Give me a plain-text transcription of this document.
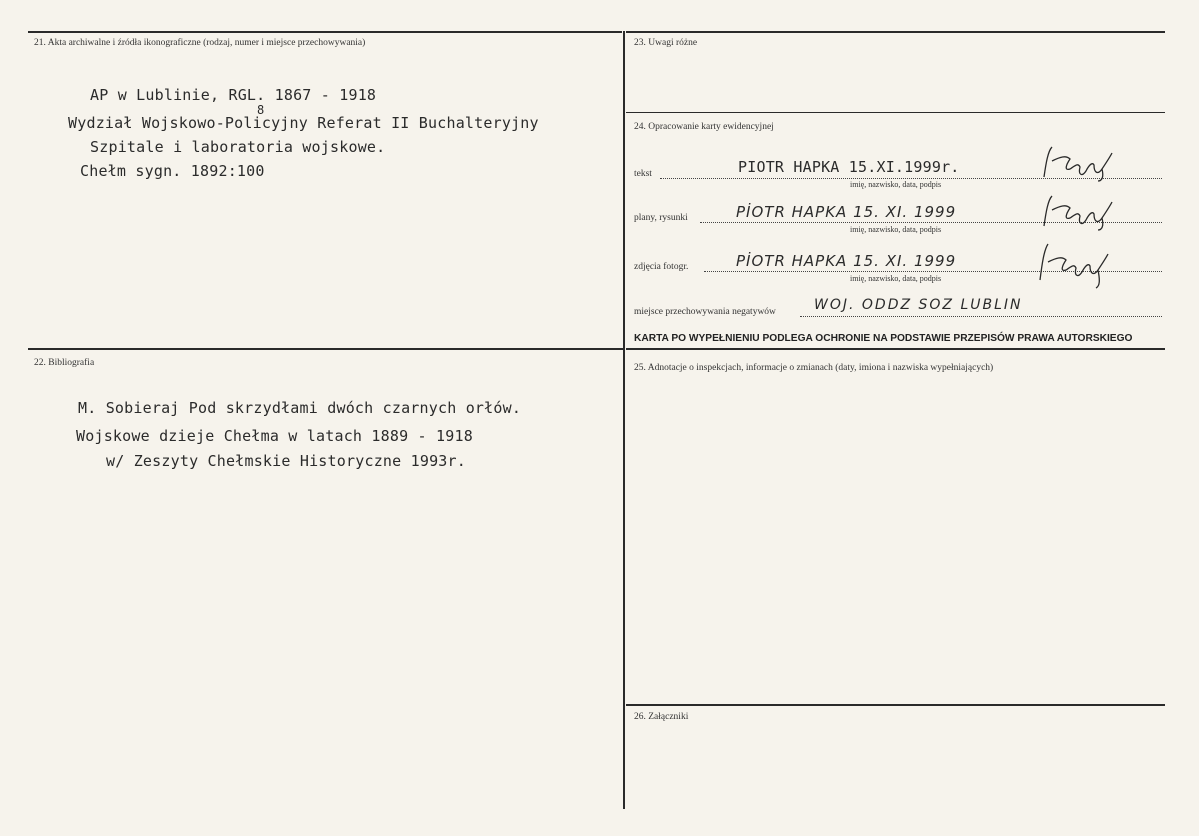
21. Akta archiwalne i źródła ikonograficzne (rodzaj, numer i miejsce przechowywania)
AP w Lublinie, RGL. 1867 - 1918
Wydział Wojskowo-Policyjny Referat II Buchalteryjny
8
Szpitale i laboratoria wojskowe.
Chełm sygn. 1892:100
22. Bibliografia
M. Sobieraj Pod skrzydłami dwóch czarnych orłów.
Wojskowe dzieje Chełma w latach 1889 - 1918
w/ Zeszyty Chełmskie Historyczne 1993r.
23. Uwagi różne
24. Opracowanie karty ewidencyjnej
tekst	PIOTR HAPKA 15.XI.1999r.
imię, nazwisko, data, podpis
plany, rysunki	PİOTR HAPKA 15. XI. 1999
imię, nazwisko, data, podpis
zdjęcia fotogr.	PİOTR HAPKA 15. XI. 1999
imię, nazwisko, data, podpis
miejsce przechowywania negatywów	WOJ. ODDZ SOZ LUBLIN
KARTA PO WYPEŁNIENIU PODLEGA OCHRONIE NA PODSTAWIE PRZEPISÓW PRAWA AUTORSKIEGO
25. Adnotacje o inspekcjach, informacje o zmianach (daty, imiona i nazwiska wypełniających)
26. Załączniki
